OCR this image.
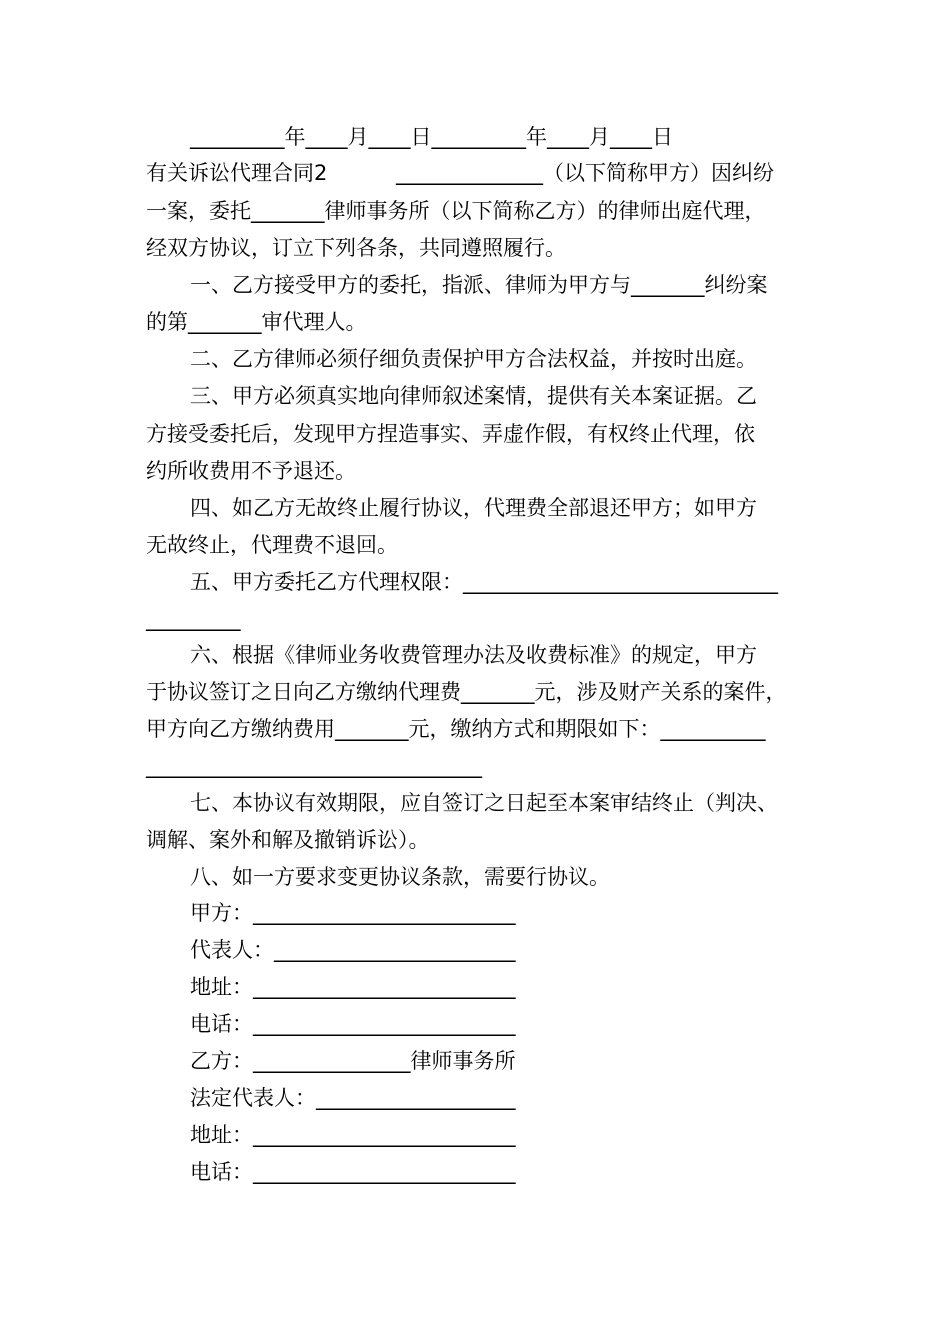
_________年____月____日_________年____月____日
有关诉讼代理合同2	______________（以下简称甲方）因纠纷
一案，委托_______律师事务所（以下简称乙方）的律师出庭代理，
经双方协议，订立下列各条，共同遵照履行。
一、乙方接受甲方的委托，指派、律师为甲方与_______纠纷案
的第_______审代理人。
二、乙方律师必须仔细负责保护甲方合法权益，并按时出庭。
三、甲方必须真实地向律师叙述案情，提供有关本案证据。乙
方接受委托后，发现甲方捏造事实、弄虚作假，有权终止代理，依
约所收费用不予退还。
四、如乙方无故终止履行协议，代理费全部退还甲方；如甲方
无故终止，代理费不退回。
五、甲方委托乙方代理权限：______________________________
_________
六、根据《律师业务收费管理办法及收费标准》的规定，甲方
于协议签订之日向乙方缴纳代理费_______元，涉及财产关系的案件，
甲方向乙方缴纳费用_______元，缴纳方式和期限如下：__________
________________________________
七、本协议有效期限，应自签订之日起至本案审结终止（判决、
调解、案外和解及撤销诉讼）。
八、如一方要求变更协议条款，需要行协议。
甲方：_________________________
代表人：_______________________
地址：_________________________
电话：_________________________
乙方：_______________律师事务所
法定代表人：___________________
地址：_________________________
电话：_________________________
